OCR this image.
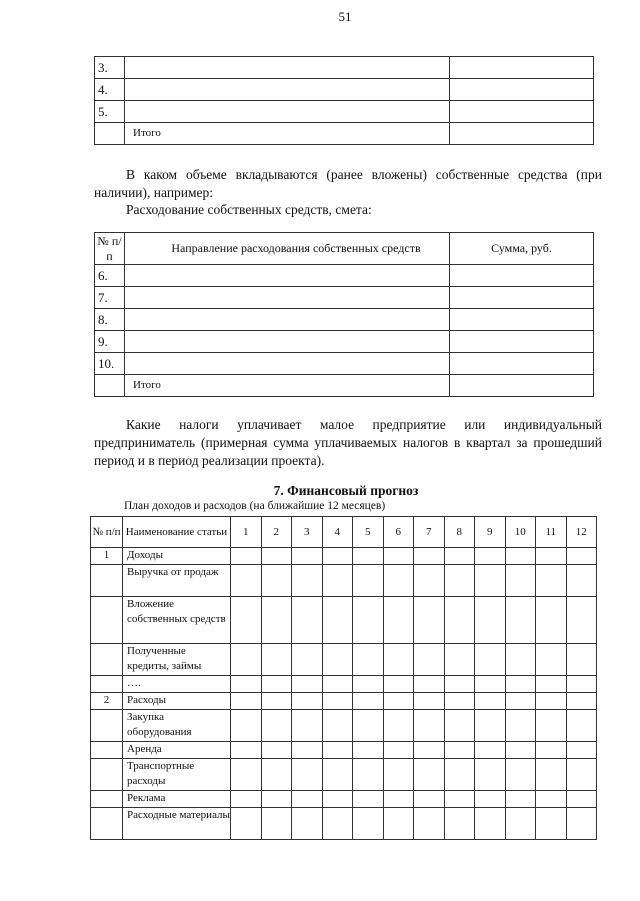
51
3.		
4.		
5.		
	Итого	
В каком объеме вкладываются (ранее вложены) собственные средства (при наличии), например:
Расходование собственных средств, смета:
№ п/п	Направление расходования собственных средств	Сумма, руб.
6.		
7.		
8.		
9.		
10.		
	Итого	
Какие налоги уплачивает малое предприятие или индивидуальный предприниматель (примерная сумма уплачиваемых налогов в квартал за прошедший период и в период реализации проекта).
7. Финансовый прогноз
План доходов и расходов (на ближайшие 12 месяцев)
№ п/п	Наименование статьи	1	2	3	4	5	6	7	8	9	10	11	12
1	Доходы												
	Выручка от продаж												
	Вложение собственных средств												
	Полученные кредиты, займы												
	….												
2	Расходы												
	Закупка оборудования												
	Аренда												
	Транспортные расходы												
	Реклама												
	Расходные материалы												
